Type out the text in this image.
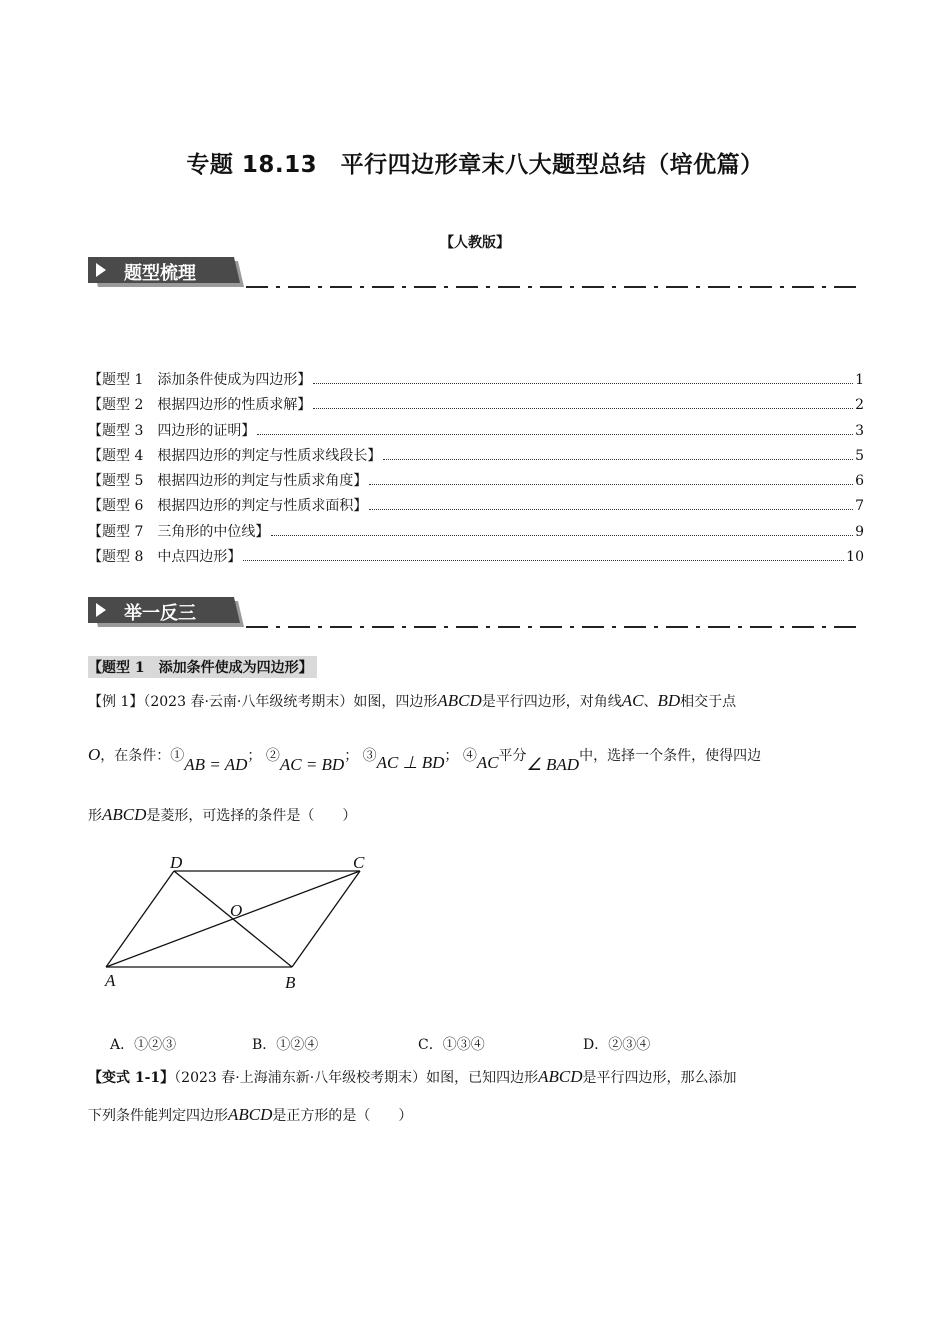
专题 18.13　平行四边形章末八大题型总结（培优篇）
【人教版】
题型梳理
【题型 1　添加条件使成为四边形】	1
【题型 2　根据四边形的性质求解】	2
【题型 3　四边形的证明】	3
【题型 4　根据四边形的判定与性质求线段长】	5
【题型 5　根据四边形的判定与性质求角度】	6
【题型 6　根据四边形的判定与性质求面积】	7
【题型 7　三角形的中位线】	9
【题型 8　中点四边形】	10
举一反三
【题型 1　添加条件使成为四边形】
【例 1】（2023 春·云南·八年级统考期末）如图，四边形ABCD是平行四边形，对角线AC、BD相交于点
O，在条件：①AB = AD； ②AC = BD； ③AC ⊥ BD； ④AC平分∠ BAD中，选择一个条件，使得四边
形ABCD是菱形，可选择的条件是（　　）
A	B
C
D
O
A．①②③	B．①②④	C．①③④	D．②③④
【变式 1-1】（2023 春·上海浦东新·八年级校考期末）如图，已知四边形ABCD是平行四边形，那么添加
下列条件能判定四边形ABCD是正方形的是（　　）
